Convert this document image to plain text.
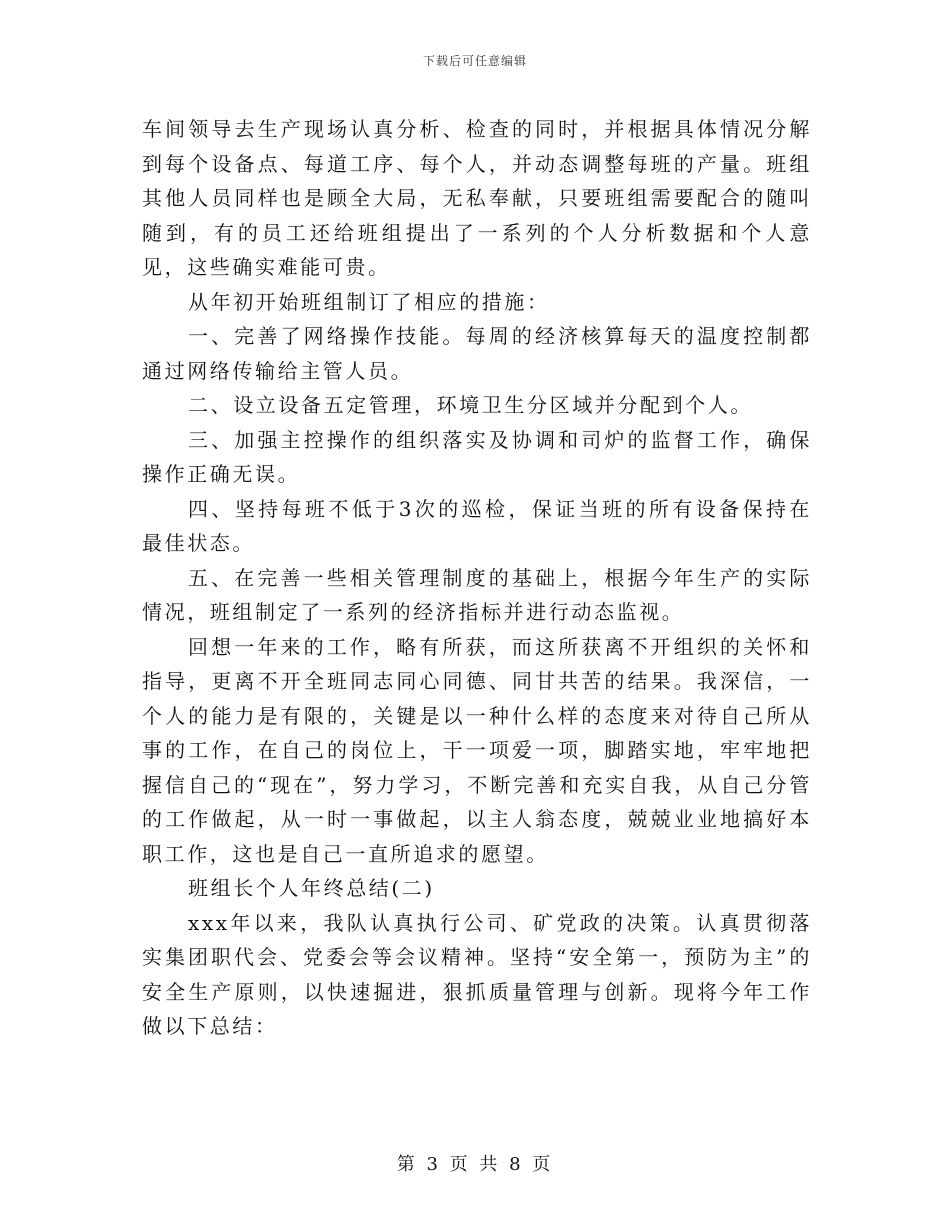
下载后可任意编辑

车间领导去生产现场认真分析、检查的同时，并根据具体情况分解到每个设备点、每道工序、每个人，并动态调整每班的产量。班组其他人员同样也是顾全大局，无私奉献，只要班组需要配合的随叫随到，有的员工还给班组提出了一系列的个人分析数据和个人意见，这些确实难能可贵。

从年初开始班组制订了相应的措施：

一、完善了网络操作技能。每周的经济核算每天的温度控制都通过网络传输给主管人员。

二、设立设备五定管理，环境卫生分区域并分配到个人。

三、加强主控操作的组织落实及协调和司炉的监督工作，确保操作正确无误。

四、坚持每班不低于3次的巡检，保证当班的所有设备保持在最佳状态。

五、在完善一些相关管理制度的基础上，根据今年生产的实际情况，班组制定了一系列的经济指标并进行动态监视。

回想一年来的工作，略有所获，而这所获离不开组织的关怀和指导，更离不开全班同志同心同德、同甘共苦的结果。我深信，一个人的能力是有限的，关键是以一种什么样的态度来对待自己所从事的工作，在自己的岗位上，干一项爱一项，脚踏实地，牢牢地把握信自己的“现在”，努力学习，不断完善和充实自我，从自己分管的工作做起，从一时一事做起，以主人翁态度，兢兢业业地搞好本职工作，这也是自己一直所追求的愿望。

班组长个人年终总结(二)

xxx年以来，我队认真执行公司、矿党政的决策。认真贯彻落实集团职代会、党委会等会议精神。坚持“安全第一，预防为主”的安全生产原则，以快速掘进，狠抓质量管理与创新。现将今年工作做以下总结：

第 3 页 共 8 页
